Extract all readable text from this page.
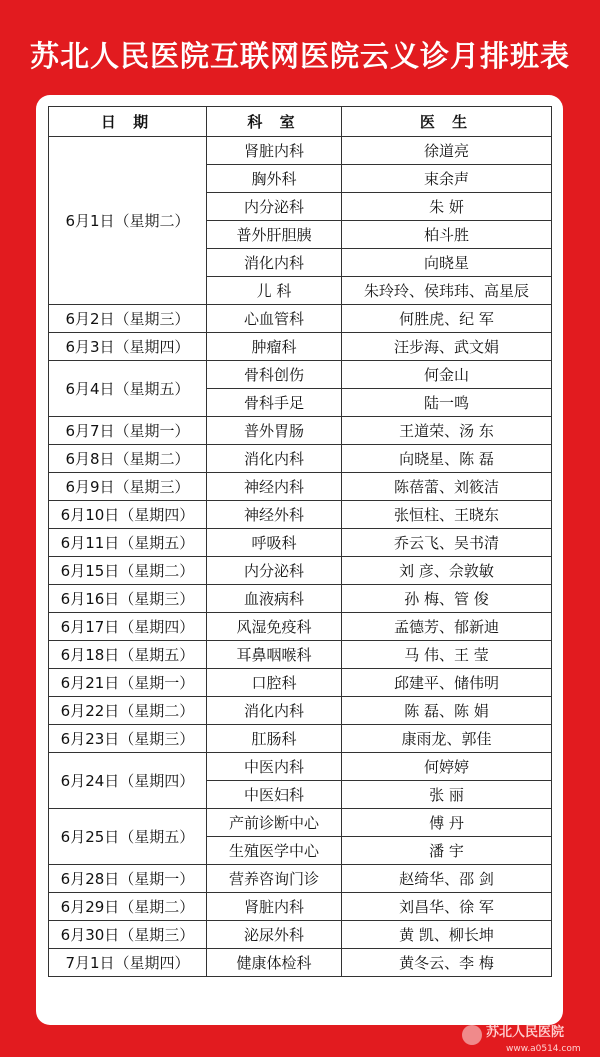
苏北人民医院互联网医院云义诊月排班表
日 期	科 室	医 生
6月1日（星期二）	肾脏内科	徐道亮
	胸外科	束余声
	内分泌科	朱 妍
	普外肝胆胰	柏斗胜
	消化内科	向晓星
	儿 科	朱玲玲、侯玮玮、高星辰
6月2日（星期三）	心血管科	何胜虎、纪 军
6月3日（星期四）	肿瘤科	汪步海、武文娟
6月4日（星期五）	骨科创伤	何金山
	骨科手足	陆一鸣
6月7日（星期一）	普外胃肠	王道荣、汤 东
6月8日（星期二）	消化内科	向晓星、陈 磊
6月9日（星期三）	神经内科	陈蓓蕾、刘筱洁
6月10日（星期四）	神经外科	张恒柱、王晓东
6月11日（星期五）	呼吸科	乔云飞、吴书清
6月15日（星期二）	内分泌科	刘 彦、佘敦敏
6月16日（星期三）	血液病科	孙 梅、管 俊
6月17日（星期四）	风湿免疫科	孟德芳、郁新迪
6月18日（星期五）	耳鼻咽喉科	马 伟、王 莹
6月21日（星期一）	口腔科	邱建平、储伟明
6月22日（星期二）	消化内科	陈 磊、陈 娟
6月23日（星期三）	肛肠科	康雨龙、郭佳
6月24日（星期四）	中医内科	何婷婷
	中医妇科	张 丽
6月25日（星期五）	产前诊断中心	傅 丹
	生殖医学中心	潘 宇
6月28日（星期一）	营养咨询门诊	赵绮华、邵 剑
6月29日（星期二）	肾脏内科	刘昌华、徐 军
6月30日（星期三）	泌尿外科	黄 凯、柳长坤
7月1日（星期四）	健康体检科	黄冬云、李 梅
苏北人民医院
www.a0514.com
